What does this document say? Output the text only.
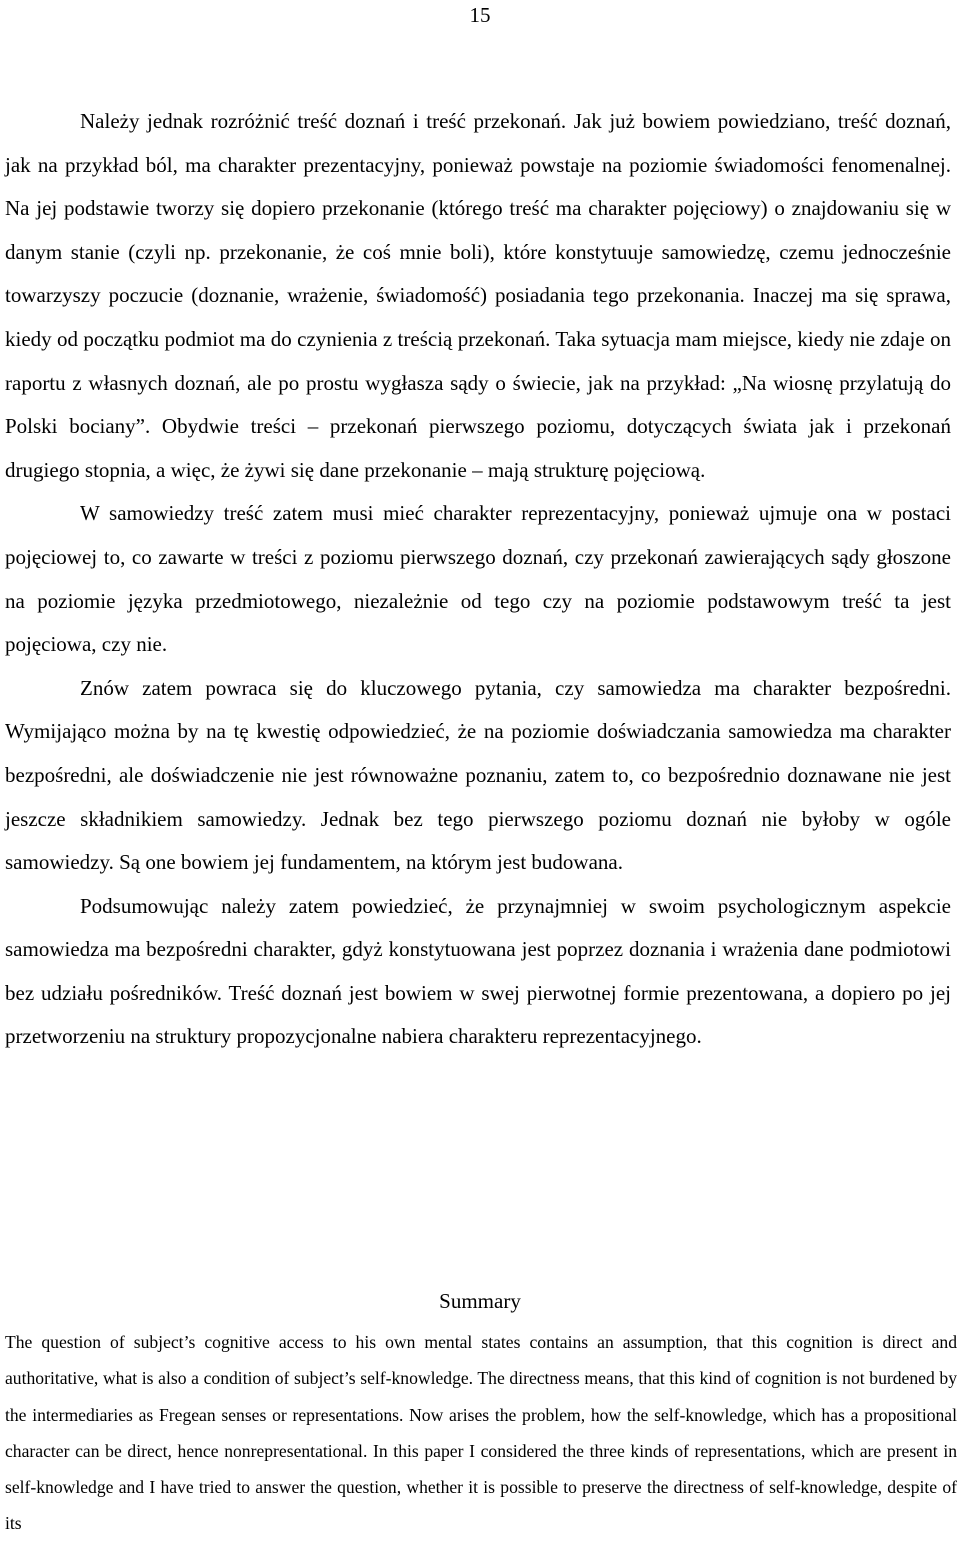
15

Należy jednak rozróżnić treść doznań i treść przekonań. Jak już bowiem powiedziano, treść doznań, jak na przykład ból, ma charakter prezentacyjny, ponieważ powstaje na poziomie świadomości fenomenalnej. Na jej podstawie tworzy się dopiero przekonanie (którego treść ma charakter pojęciowy) o znajdowaniu się w danym stanie (czyli np. przekonanie, że coś mnie boli), które konstytuuje samowiedzę, czemu jednocześnie towarzyszy poczucie (doznanie, wrażenie, świadomość) posiadania tego przekonania. Inaczej ma się sprawa, kiedy od początku podmiot ma do czynienia z treścią przekonań. Taka sytuacja mam miejsce, kiedy nie zdaje on raportu z własnych doznań, ale po prostu wygłasza sądy o świecie, jak na przykład: „Na wiosnę przylatują do Polski bociany”. Obydwie treści – przekonań pierwszego poziomu, dotyczących świata jak i przekonań drugiego stopnia, a więc, że żywi się dane przekonanie – mają strukturę pojęciową.

W samowiedzy treść zatem musi mieć charakter reprezentacyjny, ponieważ ujmuje ona w postaci pojęciowej to, co zawarte w treści z poziomu pierwszego doznań, czy przekonań zawierających sądy głoszone na poziomie języka przedmiotowego, niezależnie od tego czy na poziomie podstawowym treść ta jest pojęciowa, czy nie.

Znów zatem powraca się do kluczowego pytania, czy samowiedza ma charakter bezpośredni. Wymijająco można by na tę kwestię odpowiedzieć, że na poziomie doświadczania samowiedza ma charakter bezpośredni, ale doświadczenie nie jest równoważne poznaniu, zatem to, co bezpośrednio doznawane nie jest jeszcze składnikiem samowiedzy. Jednak bez tego pierwszego poziomu doznań nie byłoby w ogóle samowiedzy. Są one bowiem jej fundamentem, na którym jest budowana.

Podsumowując należy zatem powiedzieć, że przynajmniej w swoim psychologicznym aspekcie samowiedza ma bezpośredni charakter, gdyż konstytuowana jest poprzez doznania i wrażenia dane podmiotowi bez udziału pośredników. Treść doznań jest bowiem w swej pierwotnej formie prezentowana, a dopiero po jej przetworzeniu na struktury propozycjonalne nabiera charakteru reprezentacyjnego.

Summary

The question of subject’s cognitive access to his own mental states contains an assumption, that this cognition is direct and authoritative, what is also a condition of subject’s self-knowledge. The directness means, that this kind of cognition is not burdened by the intermediaries as Fregean senses or representations. Now arises the problem, how the self-knowledge, which has a propositional character can be direct, hence nonrepresentational. In this paper I considered the three kinds of representations, which are present in self-knowledge and I have tried to answer the question, whether it is possible to preserve the directness of self-knowledge, despite of its
